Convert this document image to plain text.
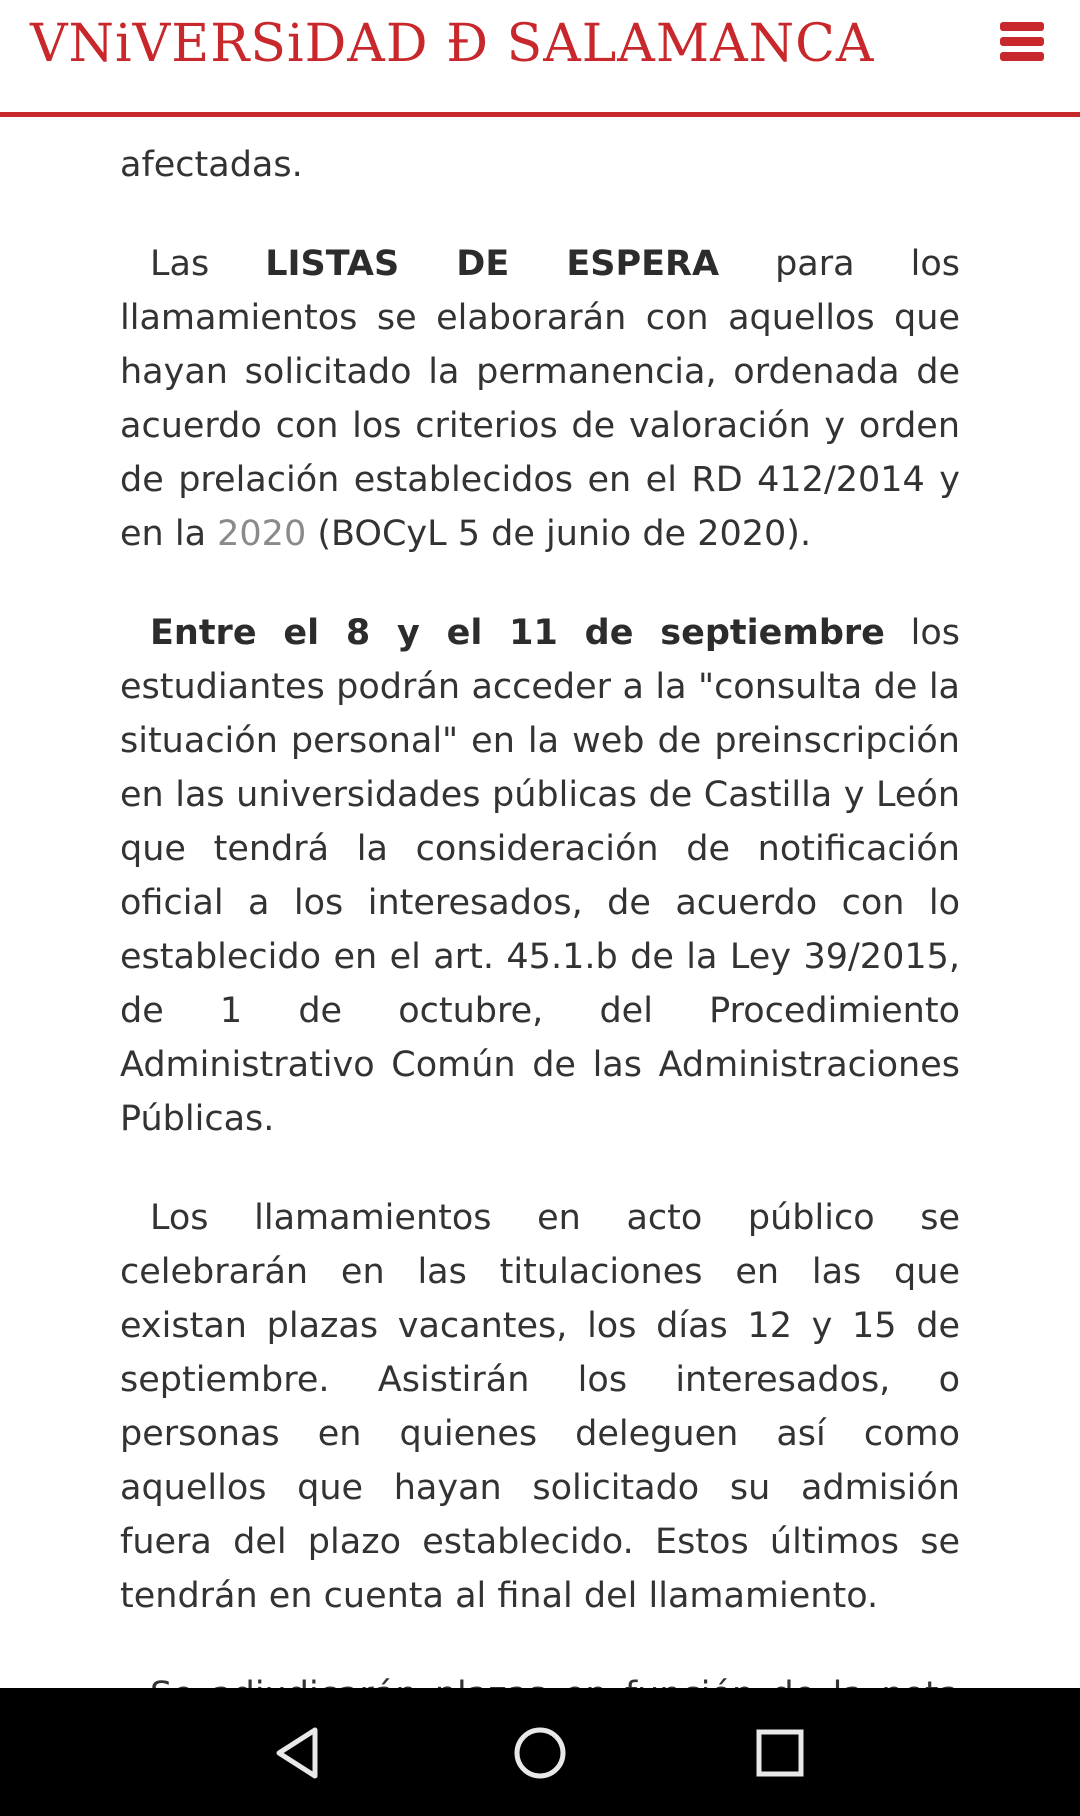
VNiVERSiDAD Ð SALAMANCA

afectadas.

Las LISTAS DE ESPERA para los llamamientos se elaborarán con aquellos que hayan solicitado la permanencia, ordenada de acuerdo con los criterios de valoración y orden de prelación establecidos en el RD 412/2014 y en la 2020 (BOCyL 5 de junio de 2020).

Entre el 8 y el 11 de septiembre los estudiantes podrán acceder a la "consulta de la situación personal" en la web de preinscripción en las universidades públicas de Castilla y León que tendrá la consideración de notificación oficial a los interesados, de acuerdo con lo establecido en el art. 45.1.b de la Ley 39/2015, de 1 de octubre, del Procedimiento Administrativo Común de las Administraciones Públicas.

Los llamamientos en acto público se celebrarán en las titulaciones en las que existan plazas vacantes, los días 12 y 15 de septiembre. Asistirán los interesados, o personas en quienes deleguen así como aquellos que hayan solicitado su admisión fuera del plazo establecido. Estos últimos se tendrán en cuenta al final del llamamiento.
